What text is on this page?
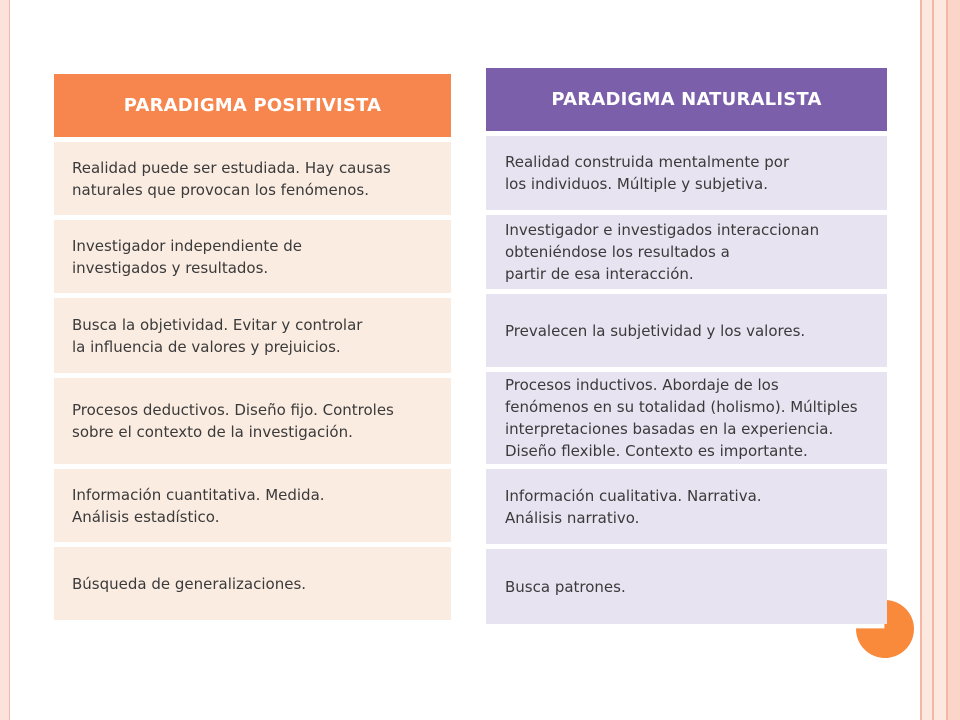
PARADIGMA POSITIVISTA
Realidad puede ser estudiada. Hay causas
naturales que provocan los fenómenos.
Investigador independiente de
investigados y resultados.
Busca la objetividad. Evitar y controlar
la influencia de valores y prejuicios.
Procesos deductivos. Diseño fijo. Controles
sobre el contexto de la investigación.
Información cuantitativa. Medida.
Análisis estadístico.
Búsqueda de generalizaciones.
PARADIGMA NATURALISTA
Realidad construida mentalmente por
los individuos. Múltiple y subjetiva.
Investigador e investigados interaccionan
obteniéndose los resultados a
partir de esa interacción.
Prevalecen la subjetividad y los valores.
Procesos inductivos. Abordaje de los
fenómenos en su totalidad (holismo). Múltiples
interpretaciones basadas en la experiencia.
Diseño flexible. Contexto es importante.
Información cualitativa. Narrativa.
Análisis narrativo.
Busca patrones.
